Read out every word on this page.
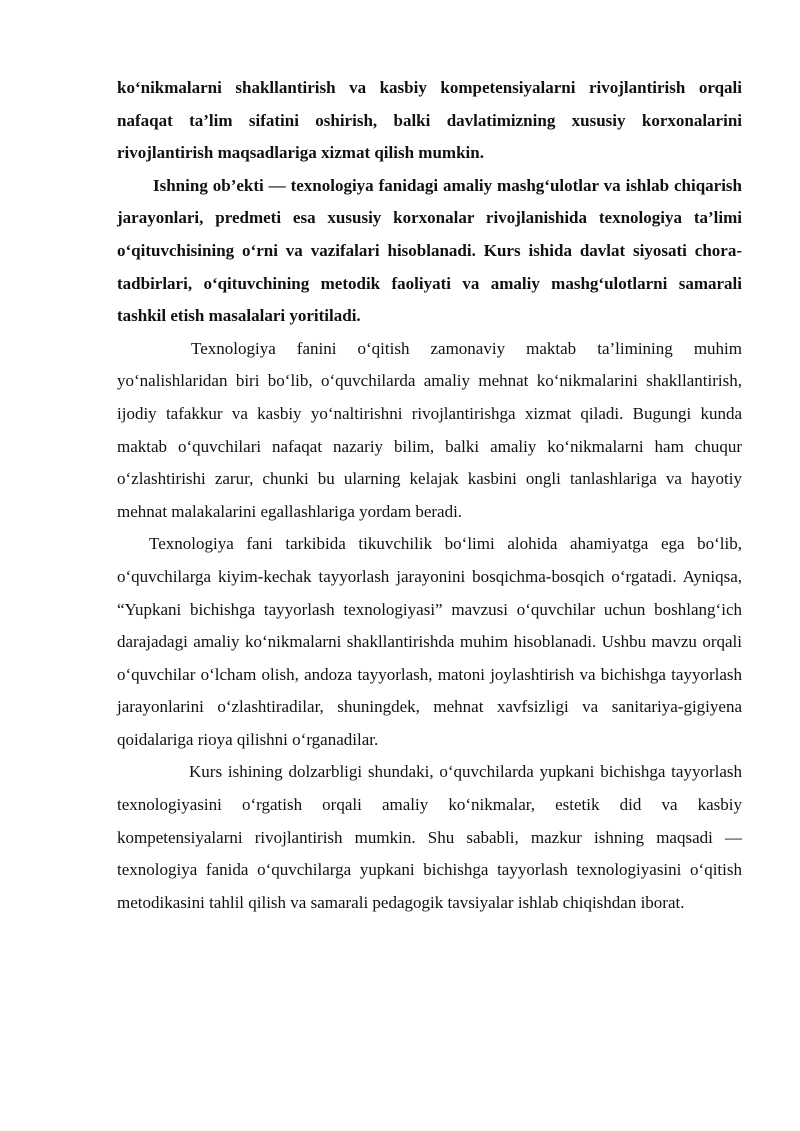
ko‘nikmalarni shakllantirish va kasbiy kompetensiyalarni rivojlantirish orqali nafaqat ta’lim sifatini oshirish, balki davlatimizning xususiy korxonalarini rivojlantirish maqsadlariga xizmat qilish mumkin.

Ishning ob’ekti — texnologiya fanidagi amaliy mashg‘ulotlar va ishlab chiqarish jarayonlari, predmeti esa xususiy korxonalar rivojlanishida texnologiya ta’limi o‘qituvchisining o‘rni va vazifalari hisoblanadi. Kurs ishida davlat siyosati chora-tadbirlari, o‘qituvchining metodik faoliyati va amaliy mashg‘ulotlarni samarali tashkil etish masalalari yoritiladi.

Texnologiya fanini o‘qitish zamonaviy maktab ta’limining muhim yo‘nalishlaridan biri bo‘lib, o‘quvchilarda amaliy mehnat ko‘nikmalarini shakllantirish, ijodiy tafakkur va kasbiy yo‘naltirishni rivojlantirishga xizmat qiladi. Bugungi kunda maktab o‘quvchilari nafaqat nazariy bilim, balki amaliy ko‘nikmalarni ham chuqur o‘zlashtirishi zarur, chunki bu ularning kelajak kasbini ongli tanlashlariga va hayotiy mehnat malakalarini egallashlariga yordam beradi.

Texnologiya fani tarkibida tikuvchilik bo‘limi alohida ahamiyatga ega bo‘lib, o‘quvchilarga kiyim-kechak tayyorlash jarayonini bosqichma-bosqich o‘rgatadi. Ayniqsa, “Yupkani bichishga tayyorlash texnologiyasi” mavzusi o‘quvchilar uchun boshlang‘ich darajadagi amaliy ko‘nikmalarni shakllantirishda muhim hisoblanadi. Ushbu mavzu orqali o‘quvchilar o‘lcham olish, andoza tayyorlash, matoni joylashtirish va bichishga tayyorlash jarayonlarini o‘zlashtiradilar, shuningdek, mehnat xavfsizligi va sanitariya-gigiyena qoidalariga rioya qilishni o‘rganadilar.

Kurs ishining dolzarbligi shundaki, o‘quvchilarda yupkani bichishga tayyorlash texnologiyasini o‘rgatish orqali amaliy ko‘nikmalar, estetik did va kasbiy kompetensiyalarni rivojlantirish mumkin. Shu sababli, mazkur ishning maqsadi — texnologiya fanida o‘quvchilarga yupkani bichishga tayyorlash texnologiyasini o‘qitish metodikasini tahlil qilish va samarali pedagogik tavsiyalar ishlab chiqishdan iborat.
